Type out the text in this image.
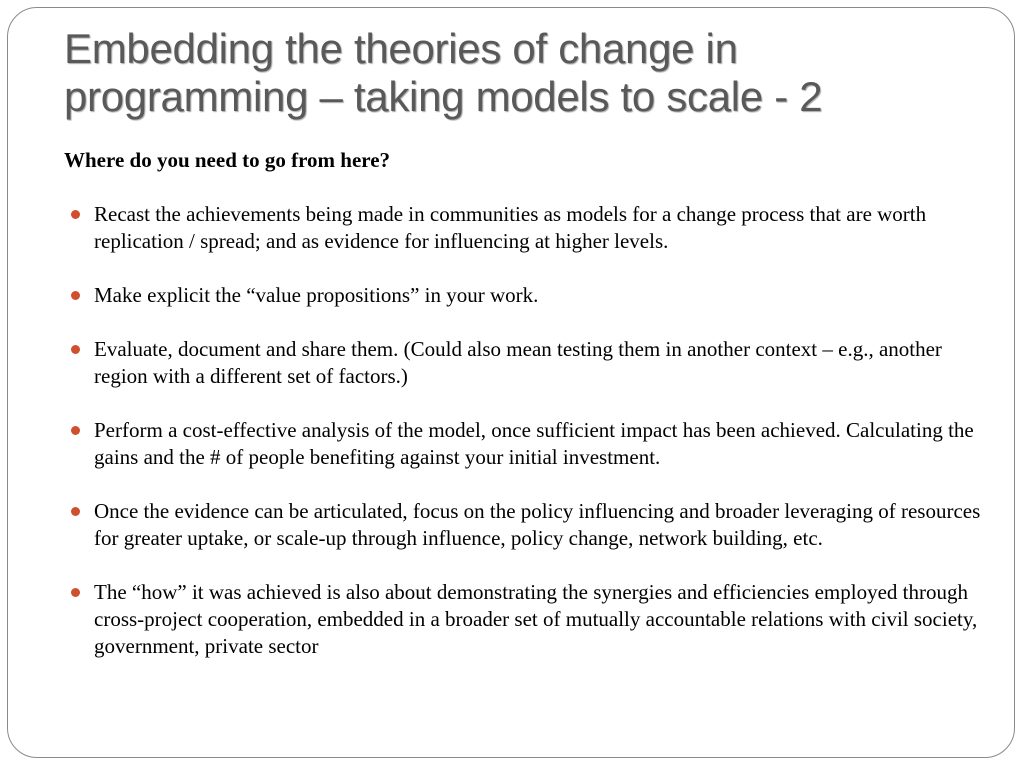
Embedding the theories of change in
programming – taking models to scale - 2

Where do you need to go from here?

Recast the achievements being made in communities as models for a change process that are worth replication / spread; and as evidence for influencing at higher levels.
Make explicit the “value propositions” in your work.
Evaluate, document and share them. (Could also mean testing them in another context – e.g., another region with a different set of factors.)
Perform a cost-effective analysis of the model, once sufficient impact has been achieved. Calculating the gains and the # of people benefiting against your initial investment.
Once the evidence can be articulated, focus on the policy influencing and broader leveraging of resources for greater uptake, or scale-up through influence, policy change, network building, etc.
The “how” it was achieved is also about demonstrating the synergies and efficiencies employed through cross-project cooperation, embedded in a broader set of mutually accountable relations with civil society, government, private sector
